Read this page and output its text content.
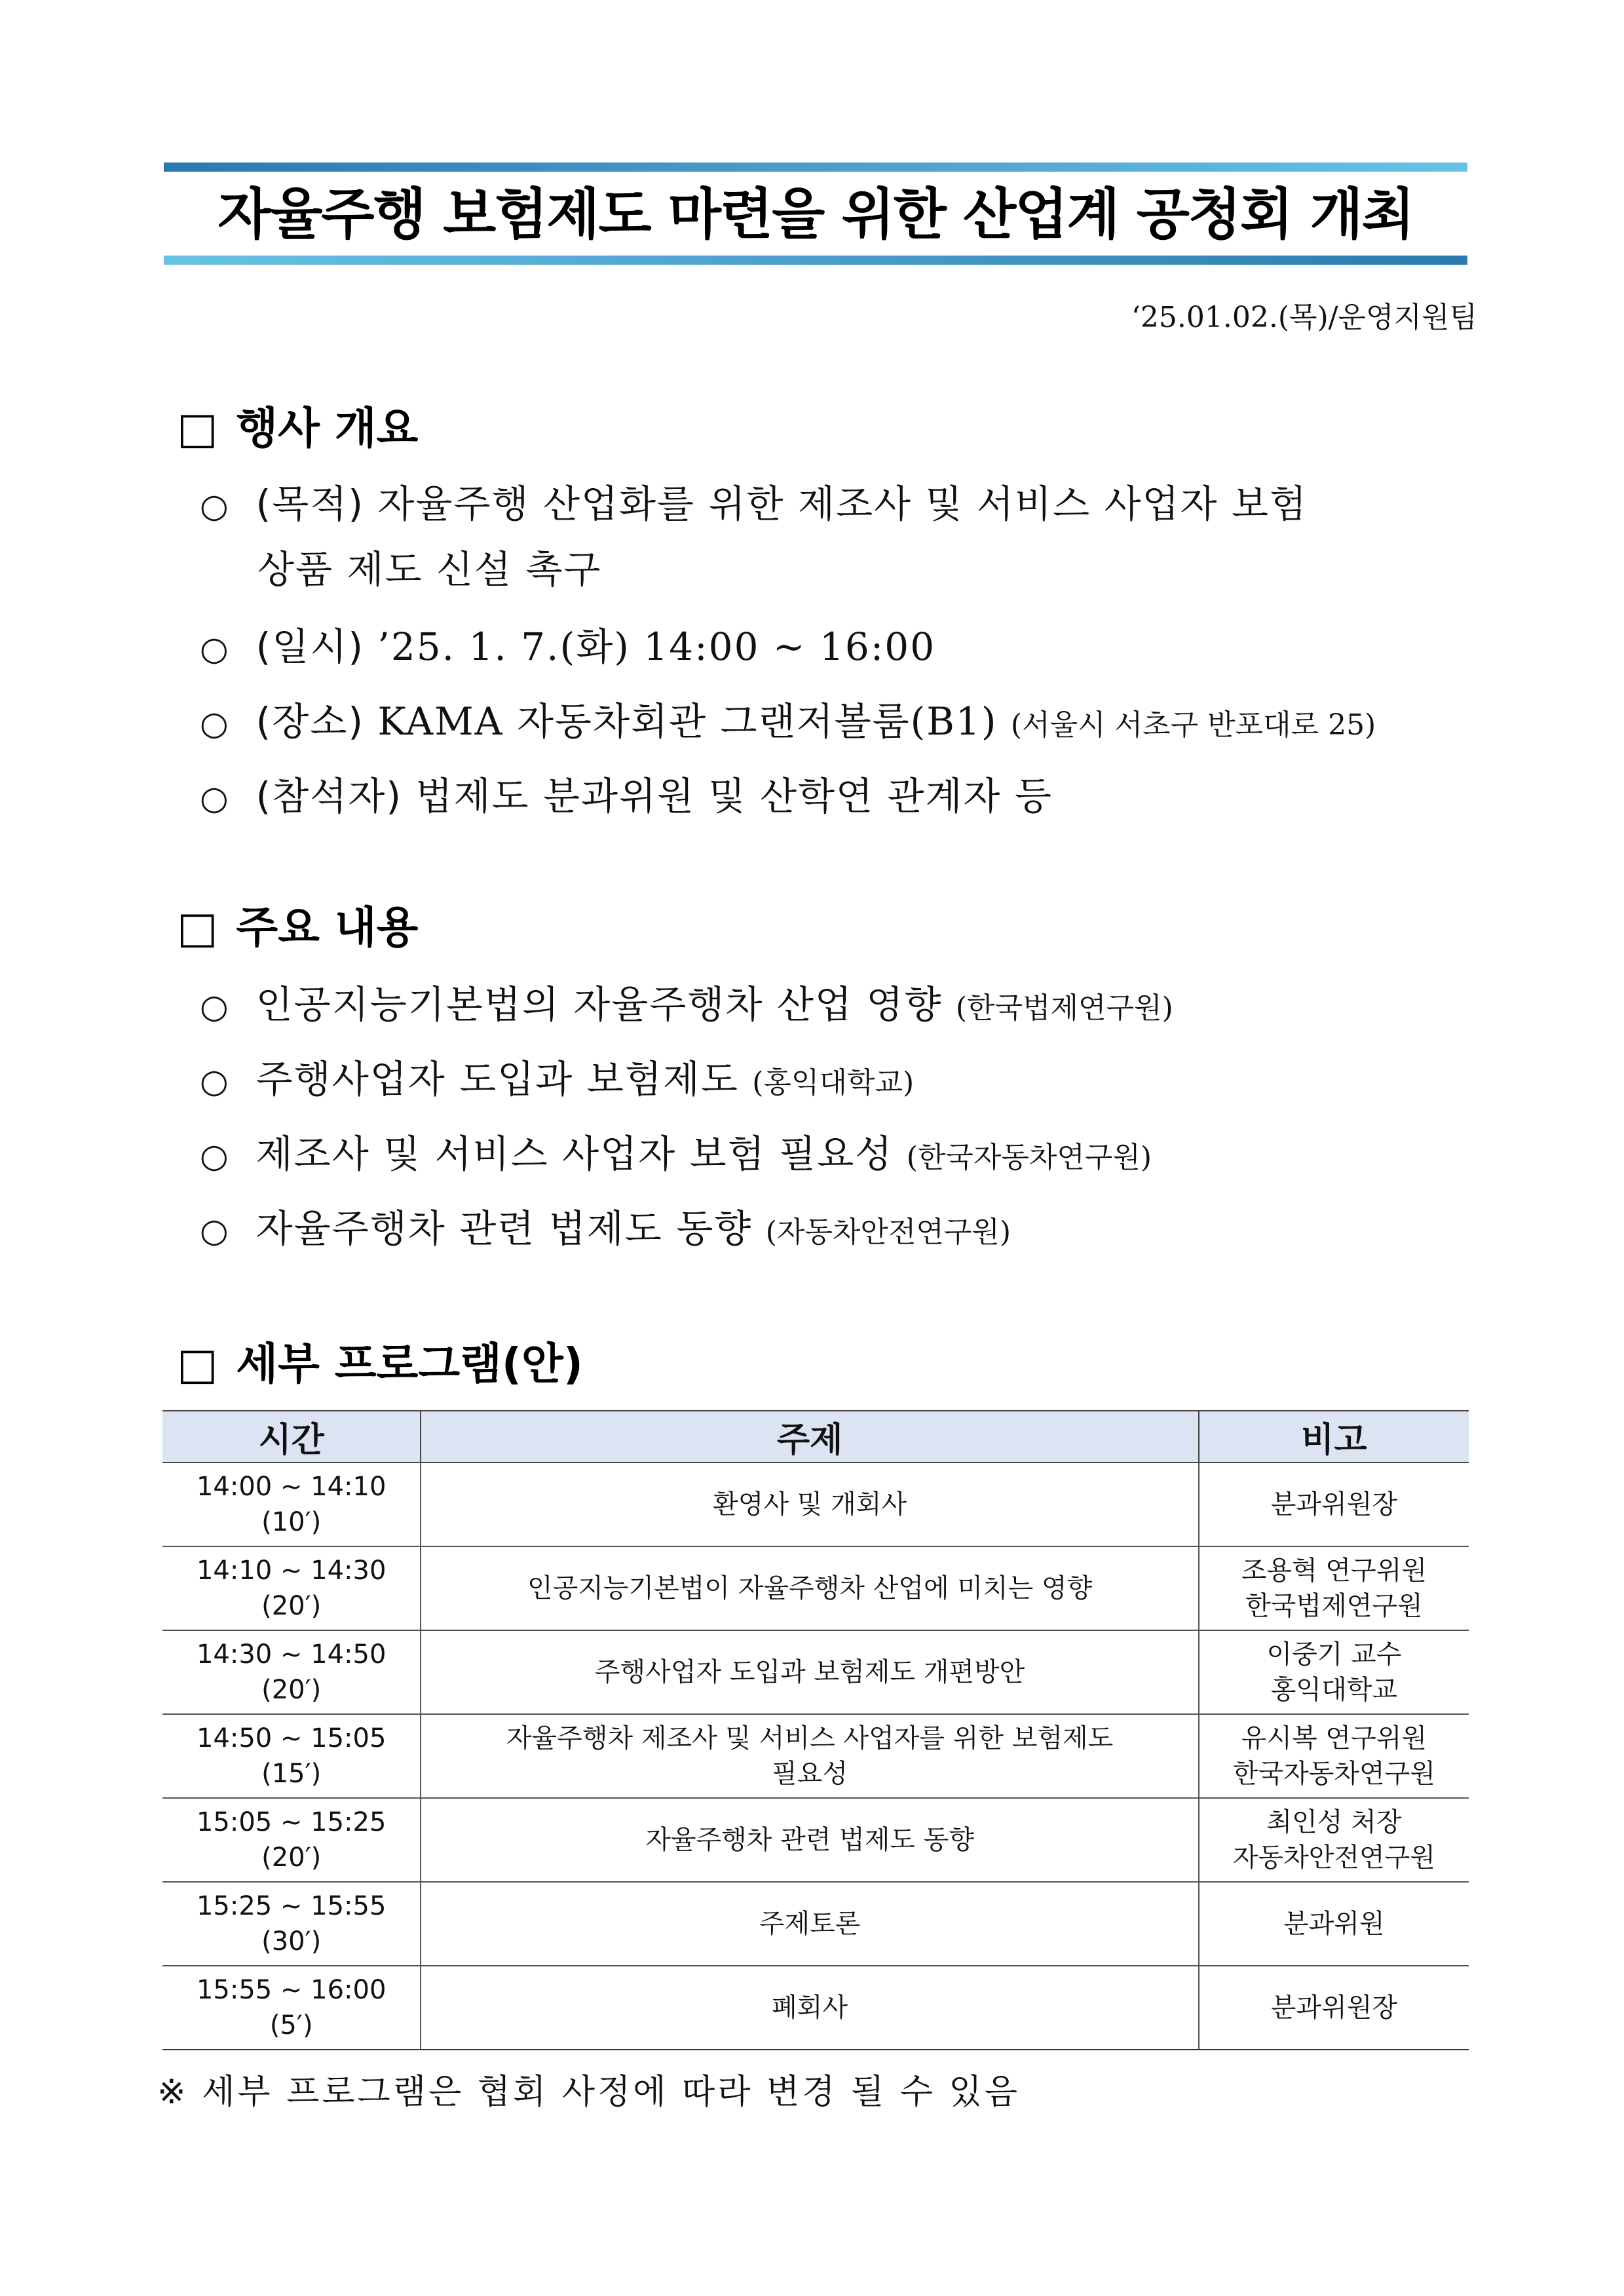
자율주행 보험제도 마련을 위한 산업계 공청회 개최
‘25.01.02.(목)/운영지원팀
□ 행사 개요
○ (목적) 자율주행 산업화를 위한 제조사 및 서비스 사업자 보험
상품 제도 신설 촉구
○ (일시) ’25. 1. 7.(화) 14:00 ~ 16:00
○ (장소) KAMA 자동차회관 그랜저볼룸(B1) (서울시 서초구 반포대로 25)
○ (참석자) 법제도 분과위원 및 산학연 관계자 등
□ 주요 내용
○ 인공지능기본법의 자율주행차 산업 영향 (한국법제연구원)
○ 주행사업자 도입과 보험제도 (홍익대학교)
○ 제조사 및 서비스 사업자 보험 필요성 (한국자동차연구원)
○ 자율주행차 관련 법제도 동향 (자동차안전연구원)
□ 세부 프로그램(안)
시간	주제	비고

14:00 ~ 14:10
(10′)	환영사 및 개회사	분과위원장

14:10 ~ 14:30
(20′)	인공지능기본법이 자율주행차 산업에 미치는 영향	조용혁 연구위원
한국법제연구원

14:30 ~ 14:50
(20′)	주행사업자 도입과 보험제도 개편방안	이중기 교수
홍익대학교

14:50 ~ 15:05
(15′)	자율주행차 제조사 및 서비스 사업자를 위한 보험제도
필요성	유시복 연구위원
한국자동차연구원

15:05 ~ 15:25
(20′)	자율주행차 관련 법제도 동향	최인성 처장
자동차안전연구원

15:25 ~ 15:55
(30′)	주제토론	분과위원

15:55 ~ 16:00
(5′)	폐회사	분과위원장
※ 세부 프로그램은 협회 사정에 따라 변경 될 수 있음
